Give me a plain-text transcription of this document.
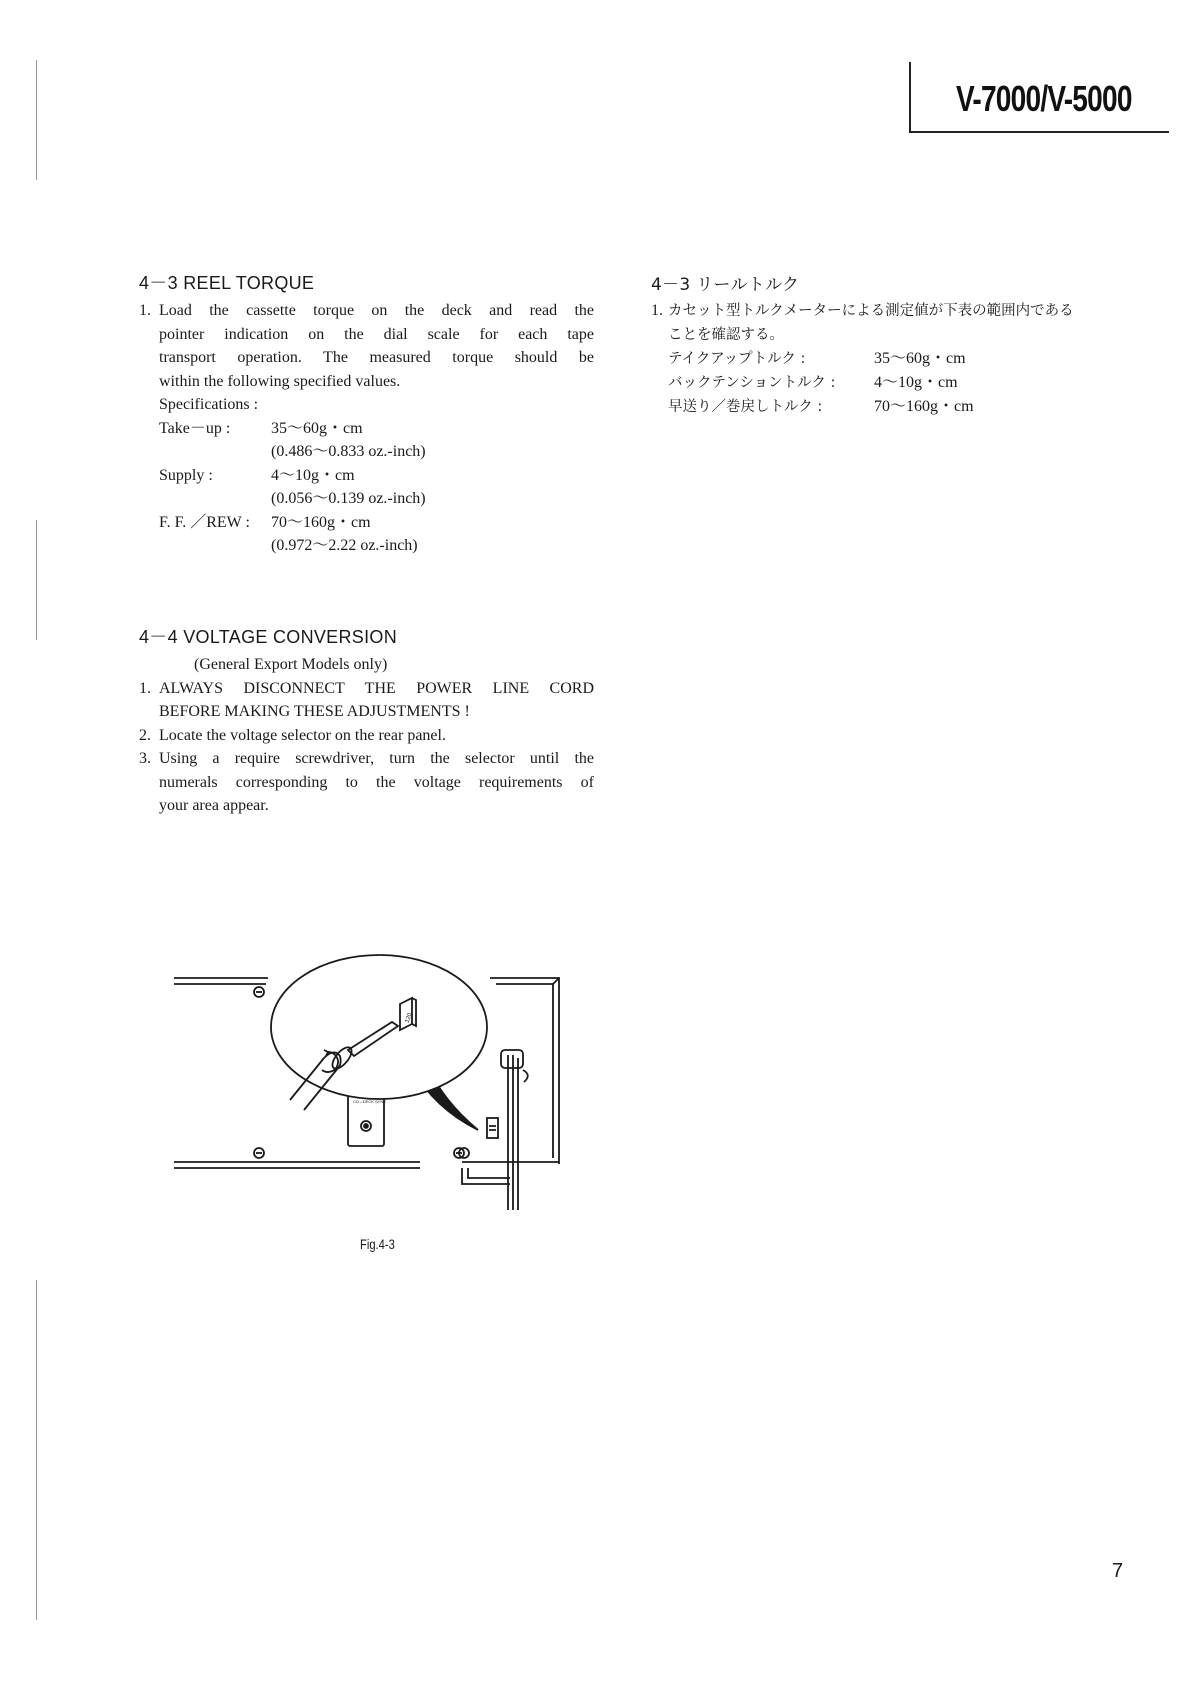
V-7000/V-5000
4－3 REEL TORQUE
1. Load the cassette torque on the deck and read the
pointer indication on the dial scale for each tape
transport operation. The measured torque should be
within the following specified values.
Specifications :
Take－up :	35～60g・cm
(0.486～0.833 oz.-inch)
Supply :	4～10g・cm
(0.056～0.139 oz.-inch)
F. F. ／REW :	70～160g・cm
(0.972～2.22 oz.-inch)
4－4 VOLTAGE CONVERSION
(General Export Models only)
1. ALWAYS DISCONNECT THE POWER LINE CORD
BEFORE MAKING THESE ADJUSTMENTS !
2. Locate the voltage selector on the rear panel.
3. Using a require screwdriver, turn the selector until the
numerals corresponding to the voltage requirements of
your area appear.
4－3 リールトルク
1. カセット型トルクメーターによる測定値が下表の範囲内である
ことを確認する。
テイクアップトルク :	35～60g・cm
バックテンショントルク :	4～10g・cm
早送り／巻戻しトルク :	70～160g・cm
CD↔DECK SYNC
120
Fig.4-3
7
